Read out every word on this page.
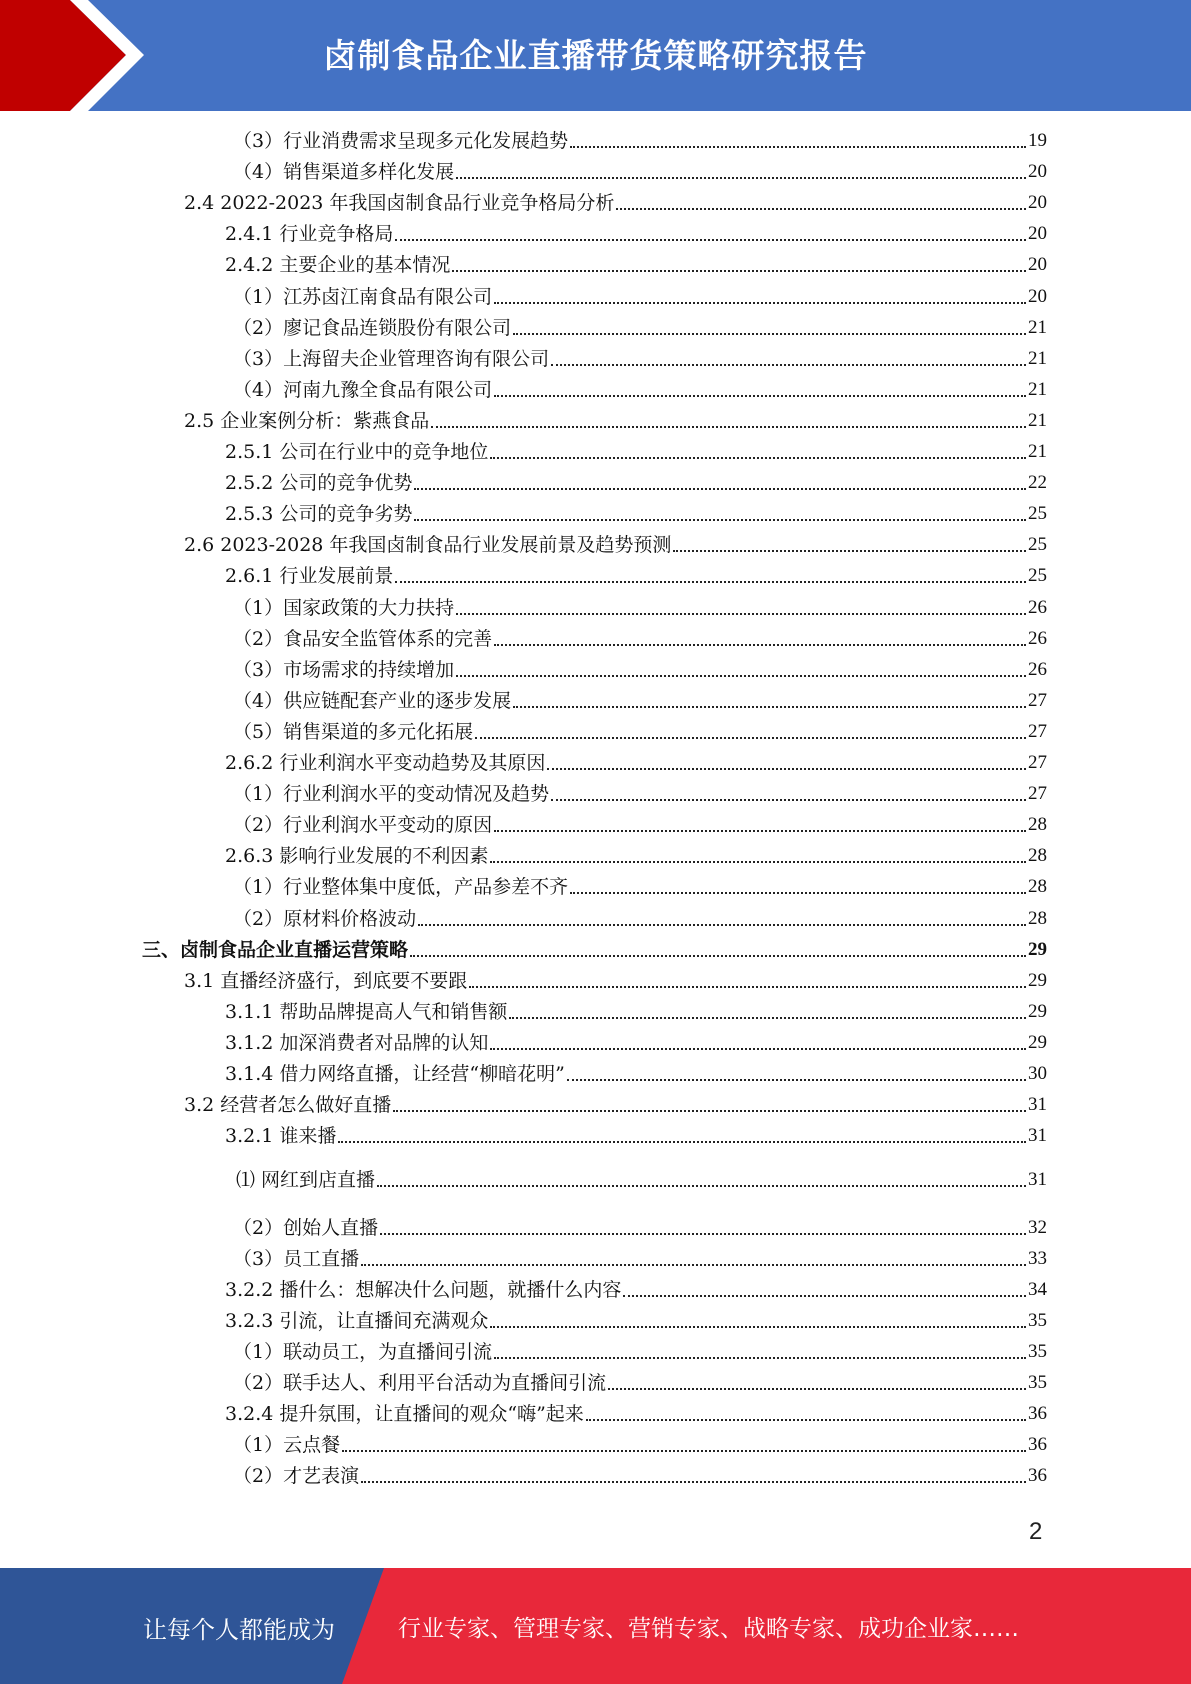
卤制食品企业直播带货策略研究报告
（3）行业消费需求呈现多元化发展趋势	19
（4）销售渠道多样化发展	20
2.4 2022-2023 年我国卤制食品行业竞争格局分析	20
2.4.1 行业竞争格局	20
2.4.2 主要企业的基本情况	20
（1）江苏卤江南食品有限公司	20
（2）廖记食品连锁股份有限公司	21
（3）上海留夫企业管理咨询有限公司	21
（4）河南九豫全食品有限公司	21
2.5 企业案例分析：紫燕食品	21
2.5.1 公司在行业中的竞争地位	21
2.5.2 公司的竞争优势	22
2.5.3 公司的竞争劣势	25
2.6 2023-2028 年我国卤制食品行业发展前景及趋势预测	25
2.6.1 行业发展前景	25
（1）国家政策的大力扶持	26
（2）食品安全监管体系的完善	26
（3）市场需求的持续增加	26
（4）供应链配套产业的逐步发展	27
（5）销售渠道的多元化拓展	27
2.6.2 行业利润水平变动趋势及其原因	27
（1）行业利润水平的变动情况及趋势	27
（2）行业利润水平变动的原因	28
2.6.3 影响行业发展的不利因素	28
（1）行业整体集中度低，产品参差不齐	28
（2）原材料价格波动	28
三、卤制食品企业直播运营策略	29
3.1 直播经济盛行，到底要不要跟	29
3.1.1 帮助品牌提高人气和销售额	29
3.1.2 加深消费者对品牌的认知	29
3.1.4 借力网络直播，让经营“柳暗花明”	30
3.2 经营者怎么做好直播	31
3.2.1 谁来播	31
⑴ 网红到店直播	31
（2）创始人直播	32
（3）员工直播	33
3.2.2 播什么：想解决什么问题，就播什么内容	34
3.2.3 引流，让直播间充满观众	35
（1）联动员工，为直播间引流	35
（2）联手达人、利用平台活动为直播间引流	35
3.2.4 提升氛围，让直播间的观众“嗨”起来	36
（1）云点餐	36
（2）才艺表演	36
2
让每个人都能成为	行业专家、管理专家、营销专家、战略专家、成功企业家……
